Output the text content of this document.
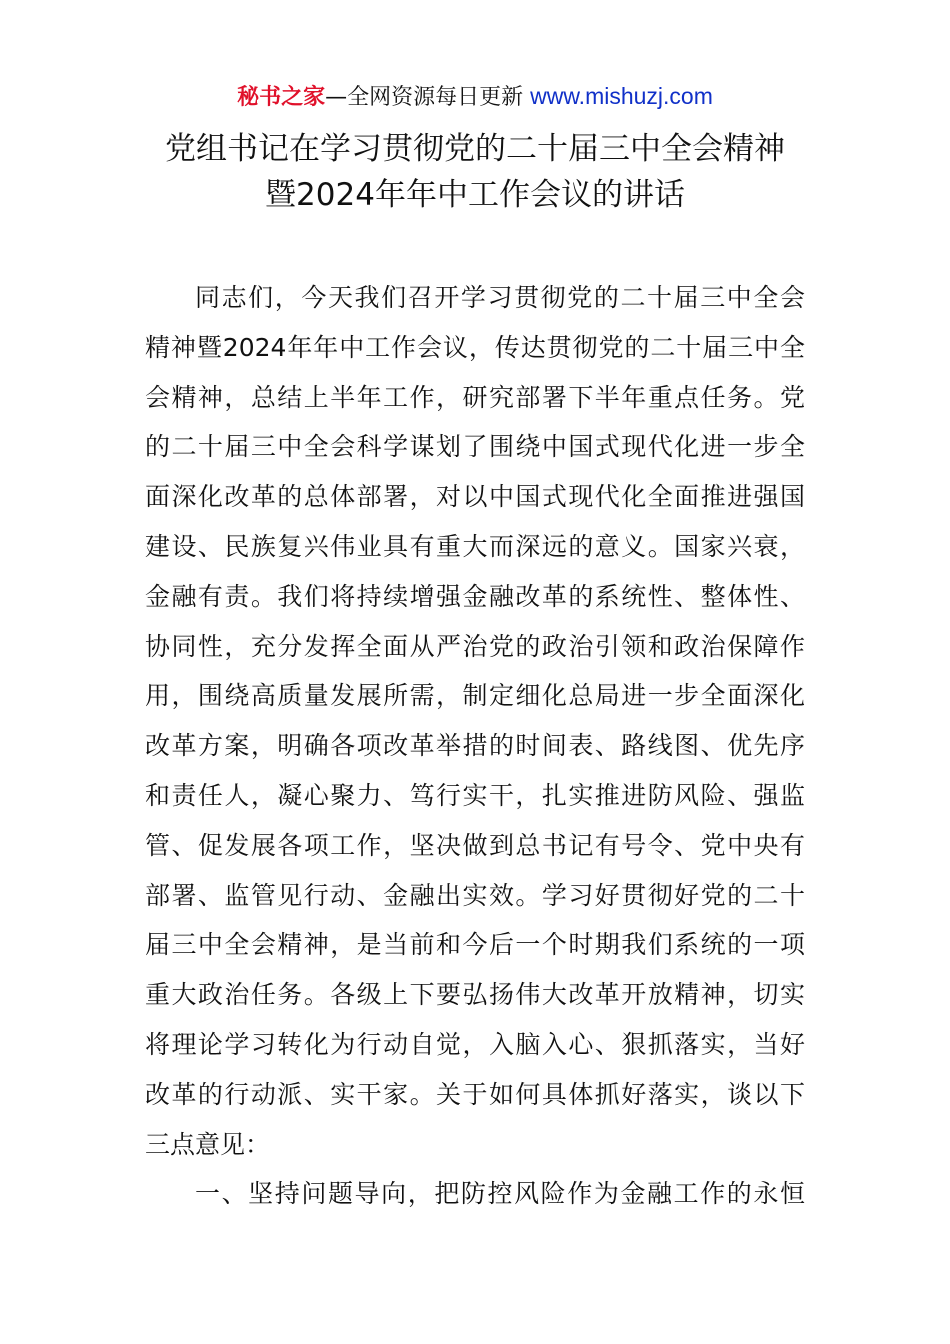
秘书之家—全网资源每日更新 www.mishuzj.com
党组书记在学习贯彻党的二十届三中全会精神
暨2024年年中工作会议的讲话
同志们，今天我们召开学习贯彻党的二十届三中全会
精神暨2024年年中工作会议，传达贯彻党的二十届三中全
会精神，总结上半年工作，研究部署下半年重点任务。党
的二十届三中全会科学谋划了围绕中国式现代化进一步全
面深化改革的总体部署，对以中国式现代化全面推进强国
建设、民族复兴伟业具有重大而深远的意义。国家兴衰，
金融有责。我们将持续增强金融改革的系统性、整体性、
协同性，充分发挥全面从严治党的政治引领和政治保障作
用，围绕高质量发展所需，制定细化总局进一步全面深化
改革方案，明确各项改革举措的时间表、路线图、优先序
和责任人，凝心聚力、笃行实干，扎实推进防风险、强监
管、促发展各项工作，坚决做到总书记有号令、党中央有
部署、监管见行动、金融出实效。学习好贯彻好党的二十
届三中全会精神，是当前和今后一个时期我们系统的一项
重大政治任务。各级上下要弘扬伟大改革开放精神，切实
将理论学习转化为行动自觉，入脑入心、狠抓落实，当好
改革的行动派、实干家。关于如何具体抓好落实，谈以下
三点意见：
一、坚持问题导向，把防控风险作为金融工作的永恒
